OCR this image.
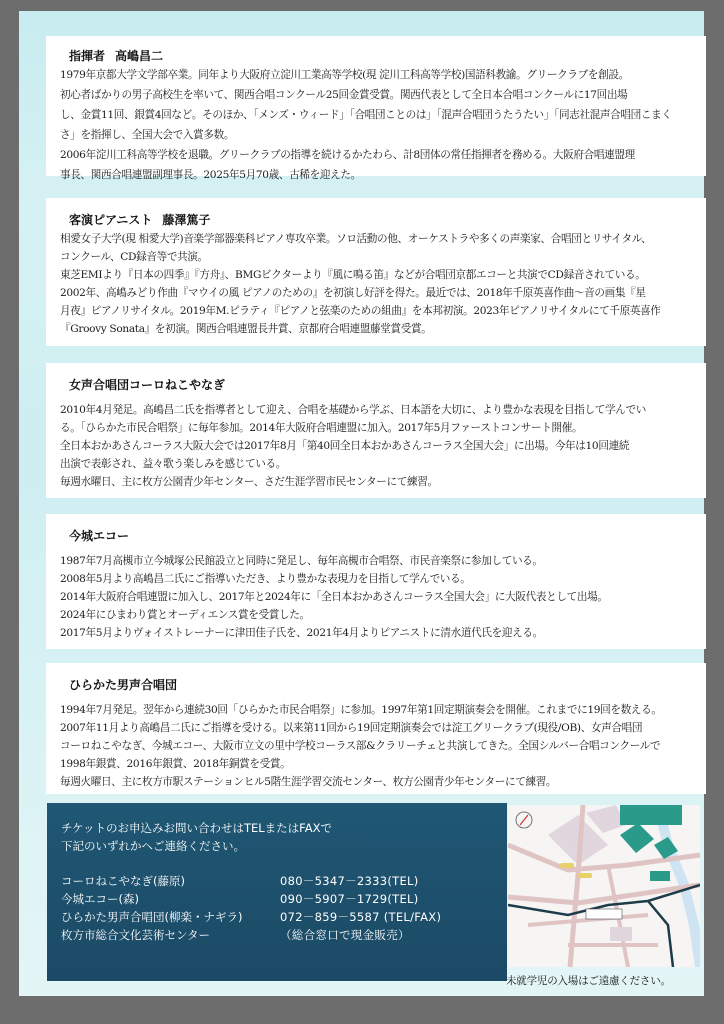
指揮者 高嶋昌二

1979年京都大学文学部卒業。同年より大阪府立淀川工業高等学校(現 淀川工科高等学校)国語科教諭。グリークラブを創設。

初心者ばかりの男子高校生を率いて、関西合唱コンクール25回金賞受賞。関西代表として全日本合唱コンクールに17回出場

し、金賞11回、銀賞4回など。そのほか、「メンズ・ウィード」「合唱団ことのは」「混声合唱団うたうたい」「同志社混声合唱団こまく

さ」を指揮し、全国大会で入賞多数。

2006年淀川工科高等学校を退職。グリークラブの指導を続けるかたわら、計8団体の常任指揮者を務める。大阪府合唱連盟理

事長、関西合唱連盟副理事長。2025年5月70歳、古稀を迎えた。

客演ピアニスト 藤澤篤子

相愛女子大学(現 相愛大学)音楽学部器楽科ピアノ専攻卒業。ソロ活動の他、オーケストラや多くの声楽家、合唱団とリサイタル、

コンクール、CD録音等で共演。

東芝EMIより『日本の四季』『方舟』、BMGビクターより『風に鳴る笛』などが合唱団京都エコーと共演でCD録音されている。

2002年、高嶋みどり作曲『マウイの風 ピアノのための』を初演し好評を得た。最近では、2018年千原英喜作曲～音の画集『星

月夜』ピアノリサイタル。2019年M.ピラティ『ピアノと弦楽のための組曲』を本邦初演。2023年ピアノリサイタルにて千原英喜作

『Groovy Sonata』を初演。関西合唱連盟長井賞、京都府合唱連盟藤堂賞受賞。

女声合唱団コーロねこやなぎ

2010年4月発足。高嶋昌二氏を指導者として迎え、合唱を基礎から学ぶ、日本語を大切に、より豊かな表現を目指して学んでい

る。「ひらかた市民合唱祭」に毎年参加。2014年大阪府合唱連盟に加入。2017年5月ファーストコンサート開催。

全日本おかあさんコーラス大阪大会では2017年8月「第40回全日本おかあさんコーラス全国大会」に出場。今年は10回連続

出演で表彰され、益々歌う楽しみを感じている。

毎週水曜日、主に枚方公園青少年センター、さだ生涯学習市民センターにて練習。

今城エコー

1987年7月高槻市立今城塚公民館設立と同時に発足し、毎年高槻市合唱祭、市民音楽祭に参加している。

2008年5月より高嶋昌二氏にご指導いただき、より豊かな表現力を目指して学んでいる。

2014年大阪府合唱連盟に加入し、2017年と2024年に「全日本おかあさんコーラス全国大会」に大阪代表として出場。

2024年にひまわり賞とオーディエンス賞を受賞した。

2017年5月よりヴォイストレーナーに津田佳子氏を、2021年4月よりピアニストに清水道代氏を迎える。

ひらかた男声合唱団

1994年7月発足。翌年から連続30回「ひらかた市民合唱祭」に参加。1997年第1回定期演奏会を開催。これまでに19回を数える。

2007年11月より高嶋昌二氏にご指導を受ける。以来第11回から19回定期演奏会では淀工グリークラブ(現役/OB)、女声合唱団

コーロねこやなぎ、今城エコー、大阪市立文の里中学校コーラス部&クラリーチェと共演してきた。全国シルバー合唱コンクールで

1998年銀賞、2016年銀賞、2018年銅賞を受賞。

毎週火曜日、主に枚方市駅ステーションヒル5階生涯学習交流センター、枚方公園青少年センターにて練習。

チケットのお申込みお問い合わせはTELまたはFAXで

下記のいずれかへご連絡ください。

コーロねこやなぎ(藤原)	080－5347－2333(TEL)
今城エコー(森)	090－5907－1729(TEL)
ひらかた男声合唱団(柳楽・ナギラ)	072－859－5587 (TEL/FAX)
枚方市総合文化芸術センター	（総合窓口で現金販売）
未就学児の入場はご遠慮ください。
